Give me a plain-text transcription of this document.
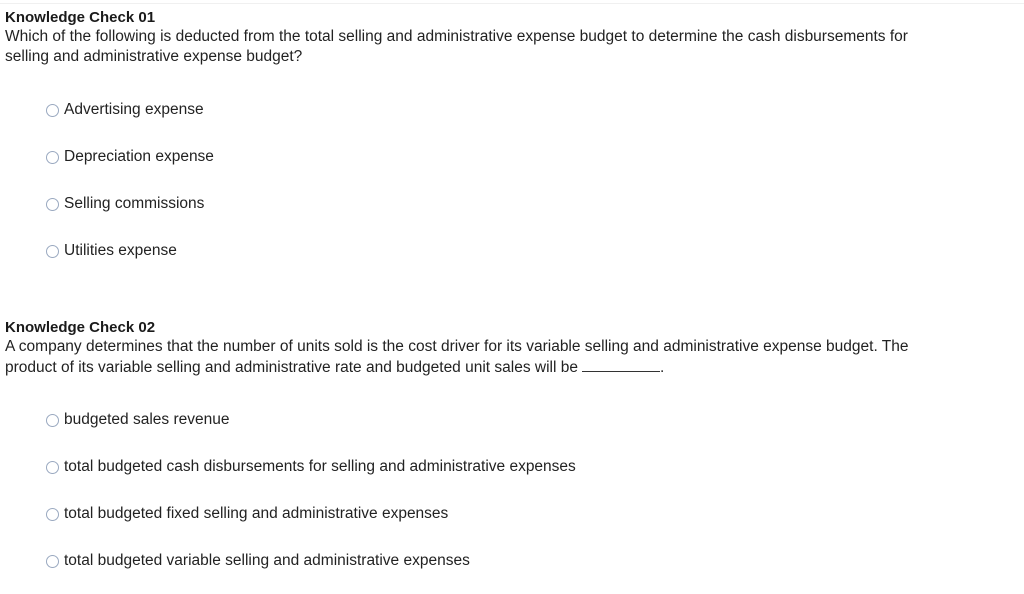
Knowledge Check 01
Which of the following is deducted from the total selling and administrative expense budget to determine the cash disbursements for
selling and administrative expense budget?
Advertising expense
Depreciation expense
Selling commissions
Utilities expense
Knowledge Check 02
A company determines that the number of units sold is the cost driver for its variable selling and administrative expense budget. The
product of its variable selling and administrative rate and budgeted unit sales will be	.
budgeted sales revenue
total budgeted cash disbursements for selling and administrative expenses
total budgeted fixed selling and administrative expenses
total budgeted variable selling and administrative expenses
